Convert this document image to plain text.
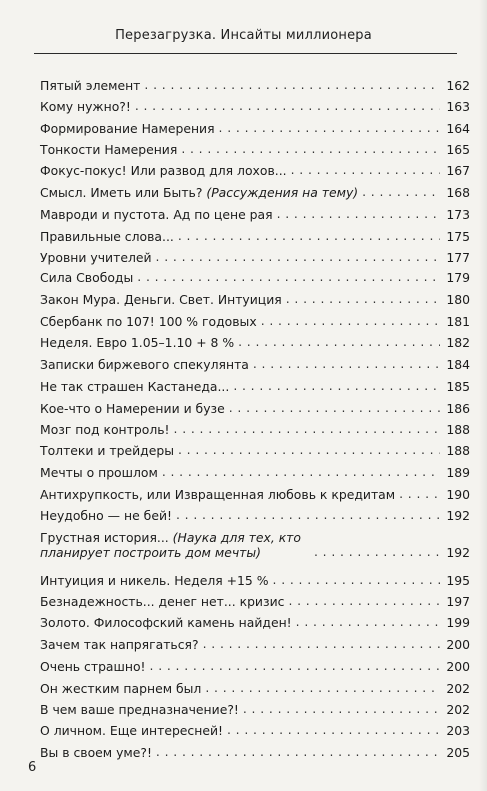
Перезагрузка. Инсайты миллионера
Пятый элемент . . .	162
Кому нужно?! . . .	163
Формирование Намерения . . .	164
Тонкости Намерения . . .	165
Фокус-покус! Или развод для лохов... . . .	167
Смысл. Иметь или Быть? (Рассуждения на тему) . . .	168
Мавроди и пустота. Ад по цене рая . . .	173
Правильные слова... . . .	175
Уровни учителей . . .	177
Сила Свободы . . .	179
Закон Мура. Деньги. Свет. Интуиция . . .	180
Сбербанк по 107! 100 % годовых . . .	181
Неделя. Евро 1.05–1.10 + 8 % . . .	182
Записки биржевого спекулянта . . .	184
Не так страшен Кастанеда... . . .	185
Кое-что о Намерении и бузе . . .	186
Мозг под контроль! . . .	188
Толтеки и трейдеры . . .	188
Мечты о прошлом . . .	189
Антихрупкость, или Извращенная любовь к кредитам . . .	190
Неудобно — не бей! . . .	192
Грустная история... (Наука для тех, кто планирует построить дом мечты) . . .	192
Интуиция и никель. Неделя +15 % . . .	195
Безнадежность... денег нет... кризис . . .	197
Золото. Философский камень найден! . . .	199
Зачем так напрягаться? . . .	200
Очень страшно! . . .	200
Он жестким парнем был . . .	202
В чем ваше предназначение?! . . .	202
О личном. Еще интересней! . . .	203
Вы в своем уме?! . . .	205
6
